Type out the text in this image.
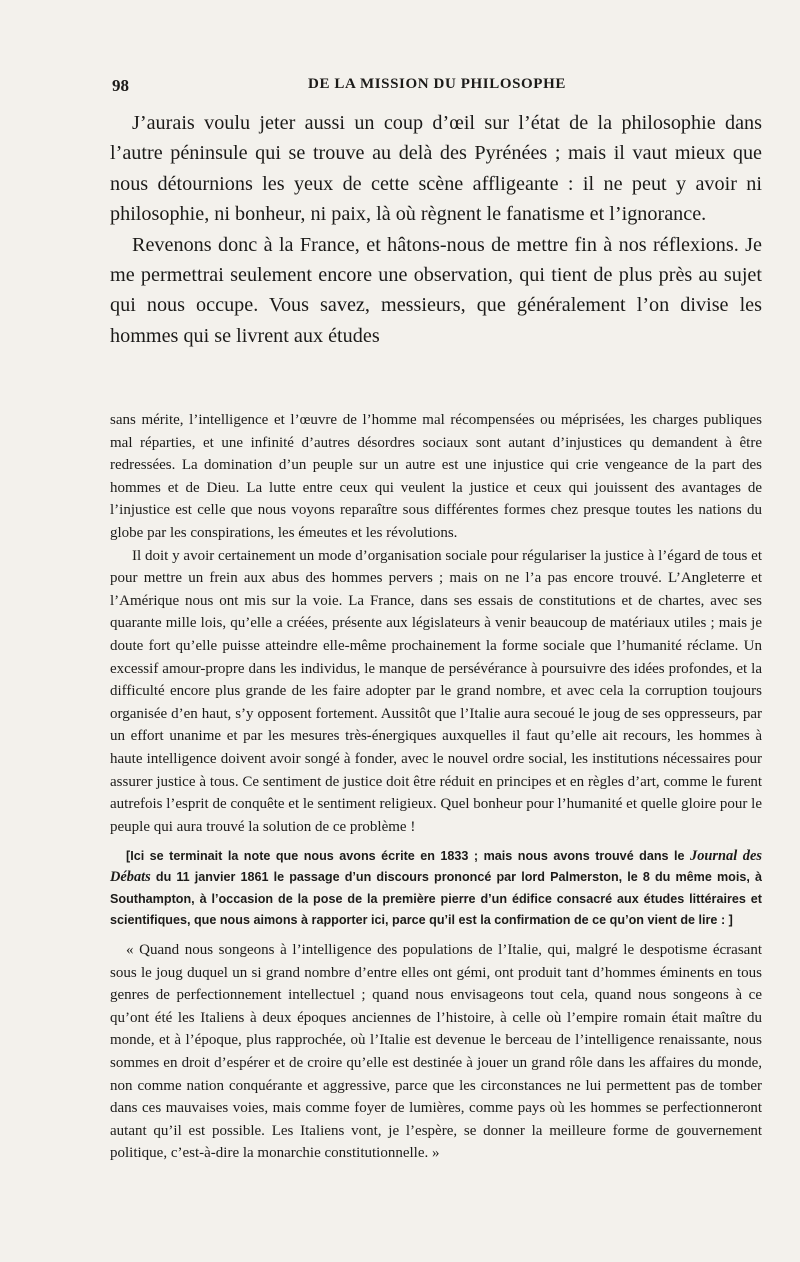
98	DE LA MISSION DU PHILOSOPHE

J’aurais voulu jeter aussi un coup d’œil sur l’état de la philosophie dans l’autre péninsule qui se trouve au delà des Pyrénées ; mais il vaut mieux que nous détournions les yeux de cette scène affligeante : il ne peut y avoir ni philosophie, ni bonheur, ni paix, là où règnent le fanatisme et l’ignorance.

Revenons donc à la France, et hâtons-nous de mettre fin à nos réflexions. Je me permettrai seulement encore une observation, qui tient de plus près au sujet qui nous occupe. Vous savez, messieurs, que généralement l’on divise les hommes qui se livrent aux études

sans mérite, l’intelligence et l’œuvre de l’homme mal récompensées ou méprisées, les charges publiques mal réparties, et une infinité d’autres désordres sociaux sont autant d’injustices qu demandent à être redressées. La domination d’un peuple sur un autre est une injustice qui crie vengeance de la part des hommes et de Dieu. La lutte entre ceux qui veulent la justice et ceux qui jouissent des avantages de l’injustice est celle que nous voyons reparaître sous différentes formes chez presque toutes les nations du globe par les conspirations, les émeutes et les révolutions.

Il doit y avoir certainement un mode d’organisation sociale pour régulariser la justice à l’égard de tous et pour mettre un frein aux abus des hommes pervers ; mais on ne l’a pas encore trouvé. L’Angleterre et l’Amérique nous ont mis sur la voie. La France, dans ses essais de constitutions et de chartes, avec ses quarante mille lois, qu’elle a créées, présente aux législateurs à venir beaucoup de matériaux utiles ; mais je doute fort qu’elle puisse atteindre elle-même prochainement la forme sociale que l’humanité réclame. Un excessif amour-propre dans les individus, le manque de persévérance à poursuivre des idées profondes, et la difficulté encore plus grande de les faire adopter par le grand nombre, et avec cela la corruption toujours organisée d’en haut, s’y opposent fortement. Aussitôt que l’Italie aura secoué le joug de ses oppresseurs, par un effort unanime et par les mesures très-énergiques auxquelles il faut qu’elle ait recours, les hommes à haute intelligence doivent avoir songé à fonder, avec le nouvel ordre social, les institutions nécessaires pour assurer justice à tous. Ce sentiment de justice doit être réduit en principes et en règles d’art, comme le furent autrefois l’esprit de conquête et le sentiment religieux. Quel bonheur pour l’humanité et quelle gloire pour le peuple qui aura trouvé la solution de ce problème !

[Ici se terminait la note que nous avons écrite en 1833 ; mais nous avons trouvé dans le Journal des Débats du 11 janvier 1861 le passage d’un discours prononcé par lord Palmerston, le 8 du même mois, à Southampton, à l’occasion de la pose de la première pierre d’un édifice consacré aux études littéraires et scientifiques, que nous aimons à rapporter ici, parce qu’il est la confirmation de ce qu’on vient de lire : ]

« Quand nous songeons à l’intelligence des populations de l’Italie, qui, malgré le despotisme écrasant sous le joug duquel un si grand nombre d’entre elles ont gémi, ont produit tant d’hommes éminents en tous genres de perfectionnement intellectuel ; quand nous envisageons tout cela, quand nous songeons à ce qu’ont été les Italiens à deux époques anciennes de l’histoire, à celle où l’empire romain était maître du monde, et à l’époque, plus rapprochée, où l’Italie est devenue le berceau de l’intelligence renaissante, nous sommes en droit d’espérer et de croire qu’elle est destinée à jouer un grand rôle dans les affaires du monde, non comme nation conquérante et aggressive, parce que les circonstances ne lui permettent pas de tomber dans ces mauvaises voies, mais comme foyer de lumières, comme pays où les hommes se perfectionneront autant qu’il est possible. Les Italiens vont, je l’espère, se donner la meilleure forme de gouvernement politique, c’est-à-dire la monarchie constitutionnelle. »
